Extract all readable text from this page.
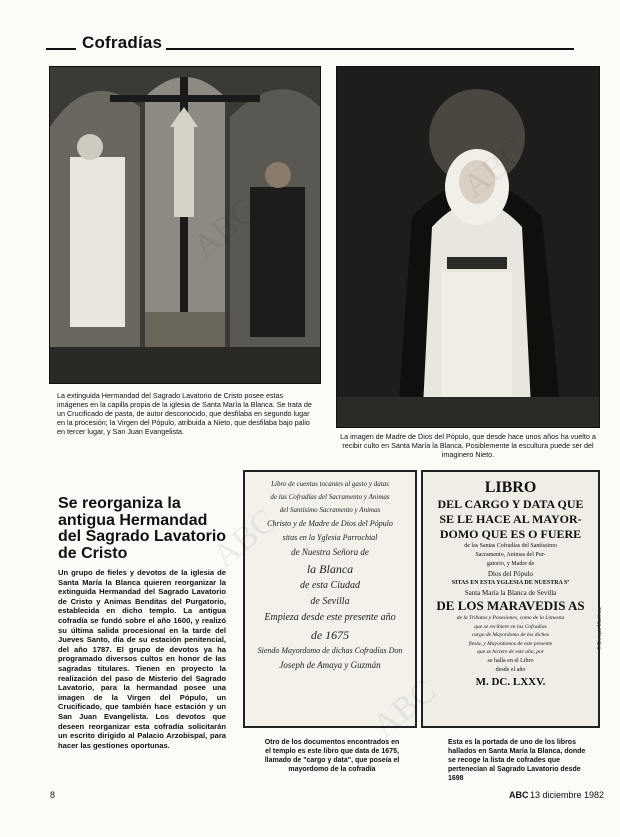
Cofradías
La extinguida Hermandad del Sagrado Lavatorio de Cristo posee estas imágenes en la capilla propia de la iglesia de Santa María la Blanca. Se trata de un Crucificado de pasta, de autor desconocido, que desfilaba en segundo lugar en la procesión; la Virgen del Pópulo, atribuida a Nieto, que desfilaba bajo palio en tercer lugar, y San Juan Evangelista.
La imagen de Madre de Dios del Pópulo, que desde hace unos años ha vuelto a recibir culto en Santa María la Blanca. Posiblemente la escultura puede ser del imaginero Nieto.
Se reorganiza la antigua Hermandad del Sagrado Lavatorio de Cristo
Un grupo de fieles y devotos de la iglesia de Santa María la Blanca quieren reorganizar la extinguida Hermandad del Sagrado Lavatorio de Cristo y Animas Benditas del Purgatorio, establecida en dicho templo. La antigua cofradía se fundó sobre el año 1600, y realizó su última salida procesional en la tarde del Jueves Santo, día de su estación penitencial, del año 1787. El grupo de devotos ya ha programado diversos cultos en honor de las sagradas titulares. Tienen en proyecto la realización del paso de Misterio del Sagrado Lavatorio, para la hermandad posee una imagen de la Virgen del Pópulo, un Crucificado, que también hace estación y un San Juan Evangelista. Los devotos que deseen reorganizar esta cofradía solicitarán un escrito dirigido al Palacio Arzobispal, para hacer las gestiones oportunas.
Libro de cuentas tocantes al gasto y datas
de las Cofradías del Sacramento y Animas
del Santísimo Sacramento y Animas
Christo y de Madre de Dios del Pópulo
sitas en la Yglesia Parrochial
de Nuestra Señora de
la Blanca
de esta Ciudad
de Sevilla
Empieza desde este presente año
de 1675
Siendo Mayordomo de dichas Cofradías Don
Joseph de Amaya y Guzmán
Otro de los documentos encontrados en el templo es este libro que data de 1675, llamado de "cargo y data", que poseía el mayordomo de la cofradía
LIBRO
DEL CARGO Y DATA QUE
SE LE HACE AL MAYOR-
DOMO QUE ES O FUERE
de las Santas Cofradías del Santíssimo
Sacramento, Animas del Pur-
gatorio, y Madre de
Dios del Pópulo
SITAS EN ESTA YGLESIA DE NUESTRA Sª
Santa María la Blanca de Sevilla
DE LOS MARAVEDIS AS
de la Tributos y Posesiones, como de la Limosna
que se recibiere en las Cofradías
cargo de Mayordomo de los dichos
fiesta, y Mayordomos de este presente
que se hiciere de este año, por
se halla en el Libro
desde el año
M. DC. LXXV.
Esta es la portada de uno de los libros hallados en Santa María la Blanca, donde se recoge la lista de cofrades que pertenecían al Sagrado Lavatorio desde 1698
© Enrique Martínez
8	ABC 13 diciembre 1982
